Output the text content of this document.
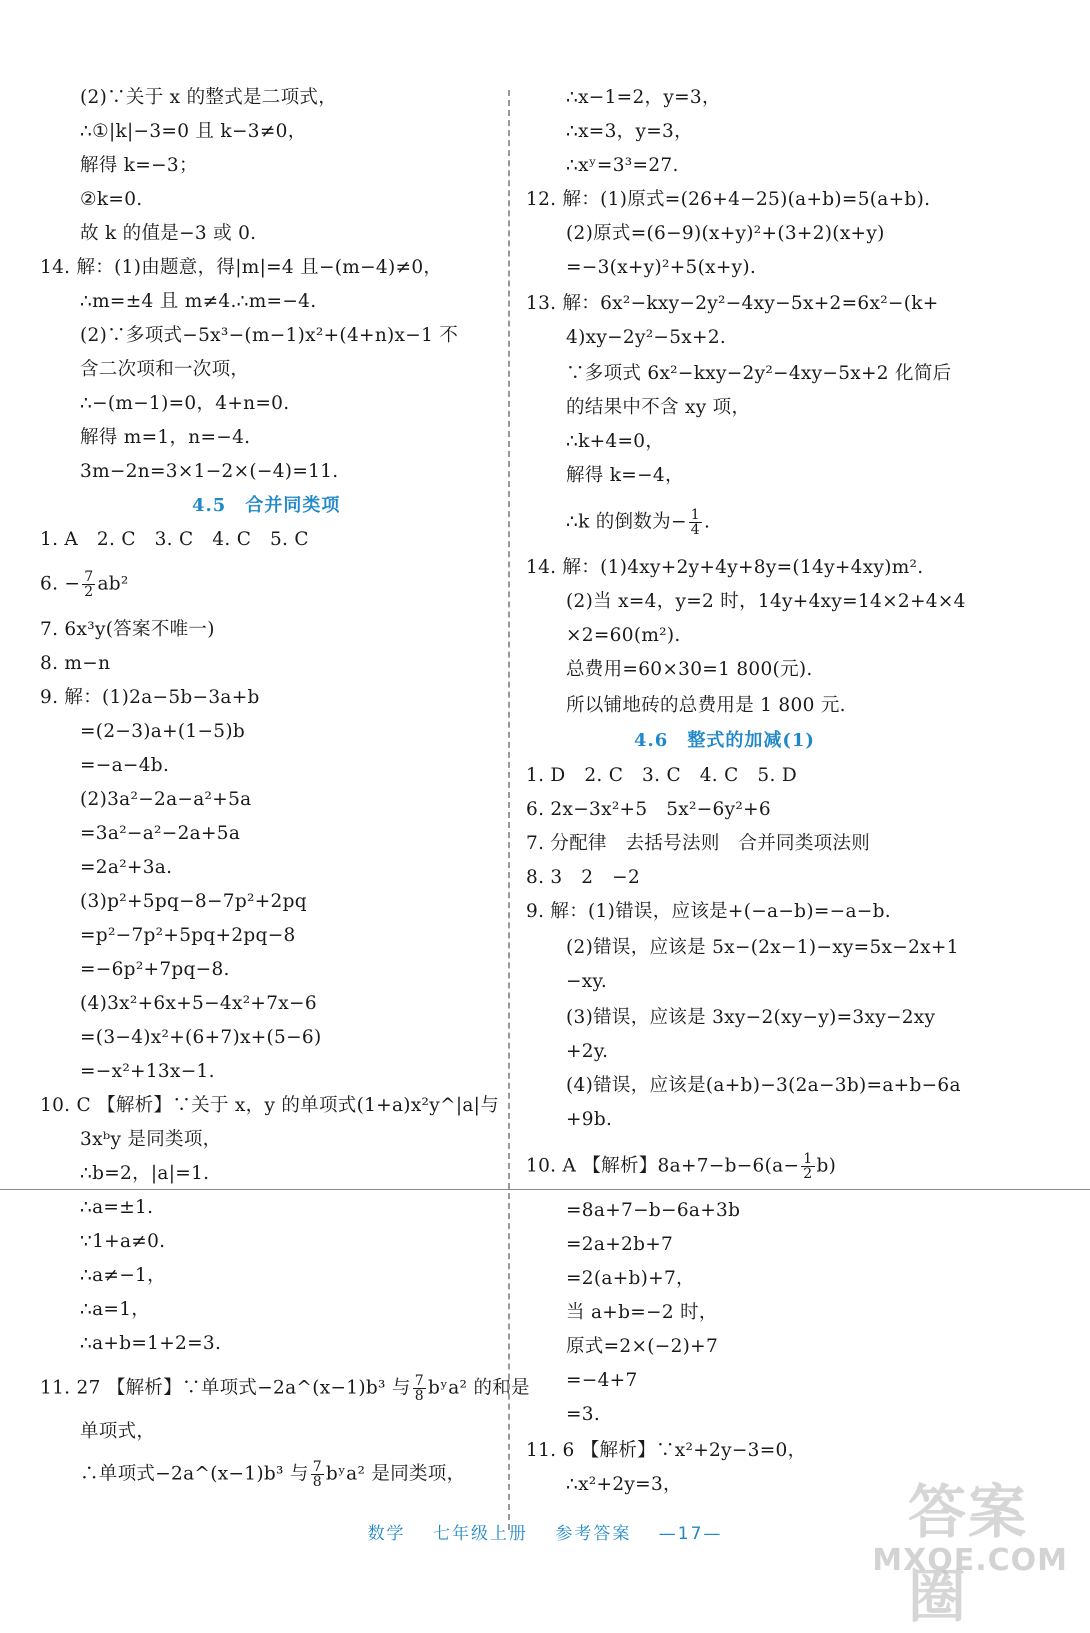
(2)∵关于 x 的整式是二项式，
∴①|k|−3=0 且 k−3≠0，
解得 k=−3；
②k=0.
故 k 的值是−3 或 0.
14. 解：(1)由题意，得|m|=4 且−(m−4)≠0，
∴m=±4 且 m≠4.∴m=−4.
(2)∵多项式−5x³−(m−1)x²+(4+n)x−1 不
含二次项和一次项，
∴−(m−1)=0，4+n=0.
解得 m=1，n=−4.
3m−2n=3×1−2×(−4)=11.
4.5　合并同类项
1. A　2. C　3. C　4. C　5. C
6. − $\frac{7}{2} ab^2$
7. 6x³y(答案不唯一)
8. m−n
9. 解：(1)2a−5b−3a+b
=(2−3)a+(1−5)b
=−a−4b.
(2)3a²−2a−a²+5a
=3a²−a²−2a+5a
=2a²+3a.
(3)p²+5pq−8−7p²+2pq
=p²−7p²+5pq+2pq−8
=−6p²+7pq−8.
(4)3x²+6x+5−4x²+7x−6
=(3−4)x²+(6+7)x+(5−6)
=−x²+13x−1.
10. C 【解析】∵关于 x，y 的单项式(1+a)x²y^|a|与
3xᵇy 是同类项，
∴b=2，|a|=1.
∴a=±1.
∵1+a≠0.
∴a≠−1，
∴a=1，
∴a+b=1+2=3.
11. 27 【解析】∵单项式−2a^(x−1)b³ 与 $\frac{7}{8}$ bʸa² 的和是
单项式，
∴单项式−2a^(x−1)b³ 与 $\frac{7}{8}$ bʸa² 是同类项，
∴x−1=2，y=3，
∴x=3，y=3，
∴xʸ=3³=27.
12. 解：(1)原式=(26+4−25)(a+b)=5(a+b).
(2)原式=(6−9)(x+y)²+(3+2)(x+y)
=−3(x+y)²+5(x+y).
13. 解：6x²−kxy−2y²−4xy−5x+2=6x²−(k+
4)xy−2y²−5x+2.
∵多项式 6x²−kxy−2y²−4xy−5x+2 化简后
的结果中不含 xy 项，
∴k+4=0，
解得 k=−4，
∴k 的倒数为− $\frac{1}{4}$ .
14. 解：(1)4xy+2y+4y+8y=(14y+4xy)m².
(2)当 x=4，y=2 时，14y+4xy=14×2+4×4
×2=60(m²).
总费用=60×30=1 800(元).
所以铺地砖的总费用是 1 800 元.
4.6　整式的加减(1)
1. D　2. C　3. C　4. C　5. D
6. 2x−3x²+5　5x²−6y²+6
7. 分配律　去括号法则　合并同类项法则
8. 3　2　−2
9. 解：(1)错误，应该是+(−a−b)=−a−b.
(2)错误，应该是 5x−(2x−1)−xy=5x−2x+1
−xy.
(3)错误，应该是 3xy−2(xy−y)=3xy−2xy
+2y.
(4)错误，应该是(a+b)−3(2a−3b)=a+b−6a
+9b.
10. A 【解析】$8a+7-b-6(a- \frac{1}{2} b)$
=8a+7−b−6a+3b
=2a+2b+7
=2(a+b)+7，
当 a+b=−2 时，
原式=2×(−2)+7
=−4+7
=3.
11. 6 【解析】∵x²+2y−3=0，
∴x²+2y=3，
数学 七年级上册 参考答案 —17—	答案圈
MXQE.COM
